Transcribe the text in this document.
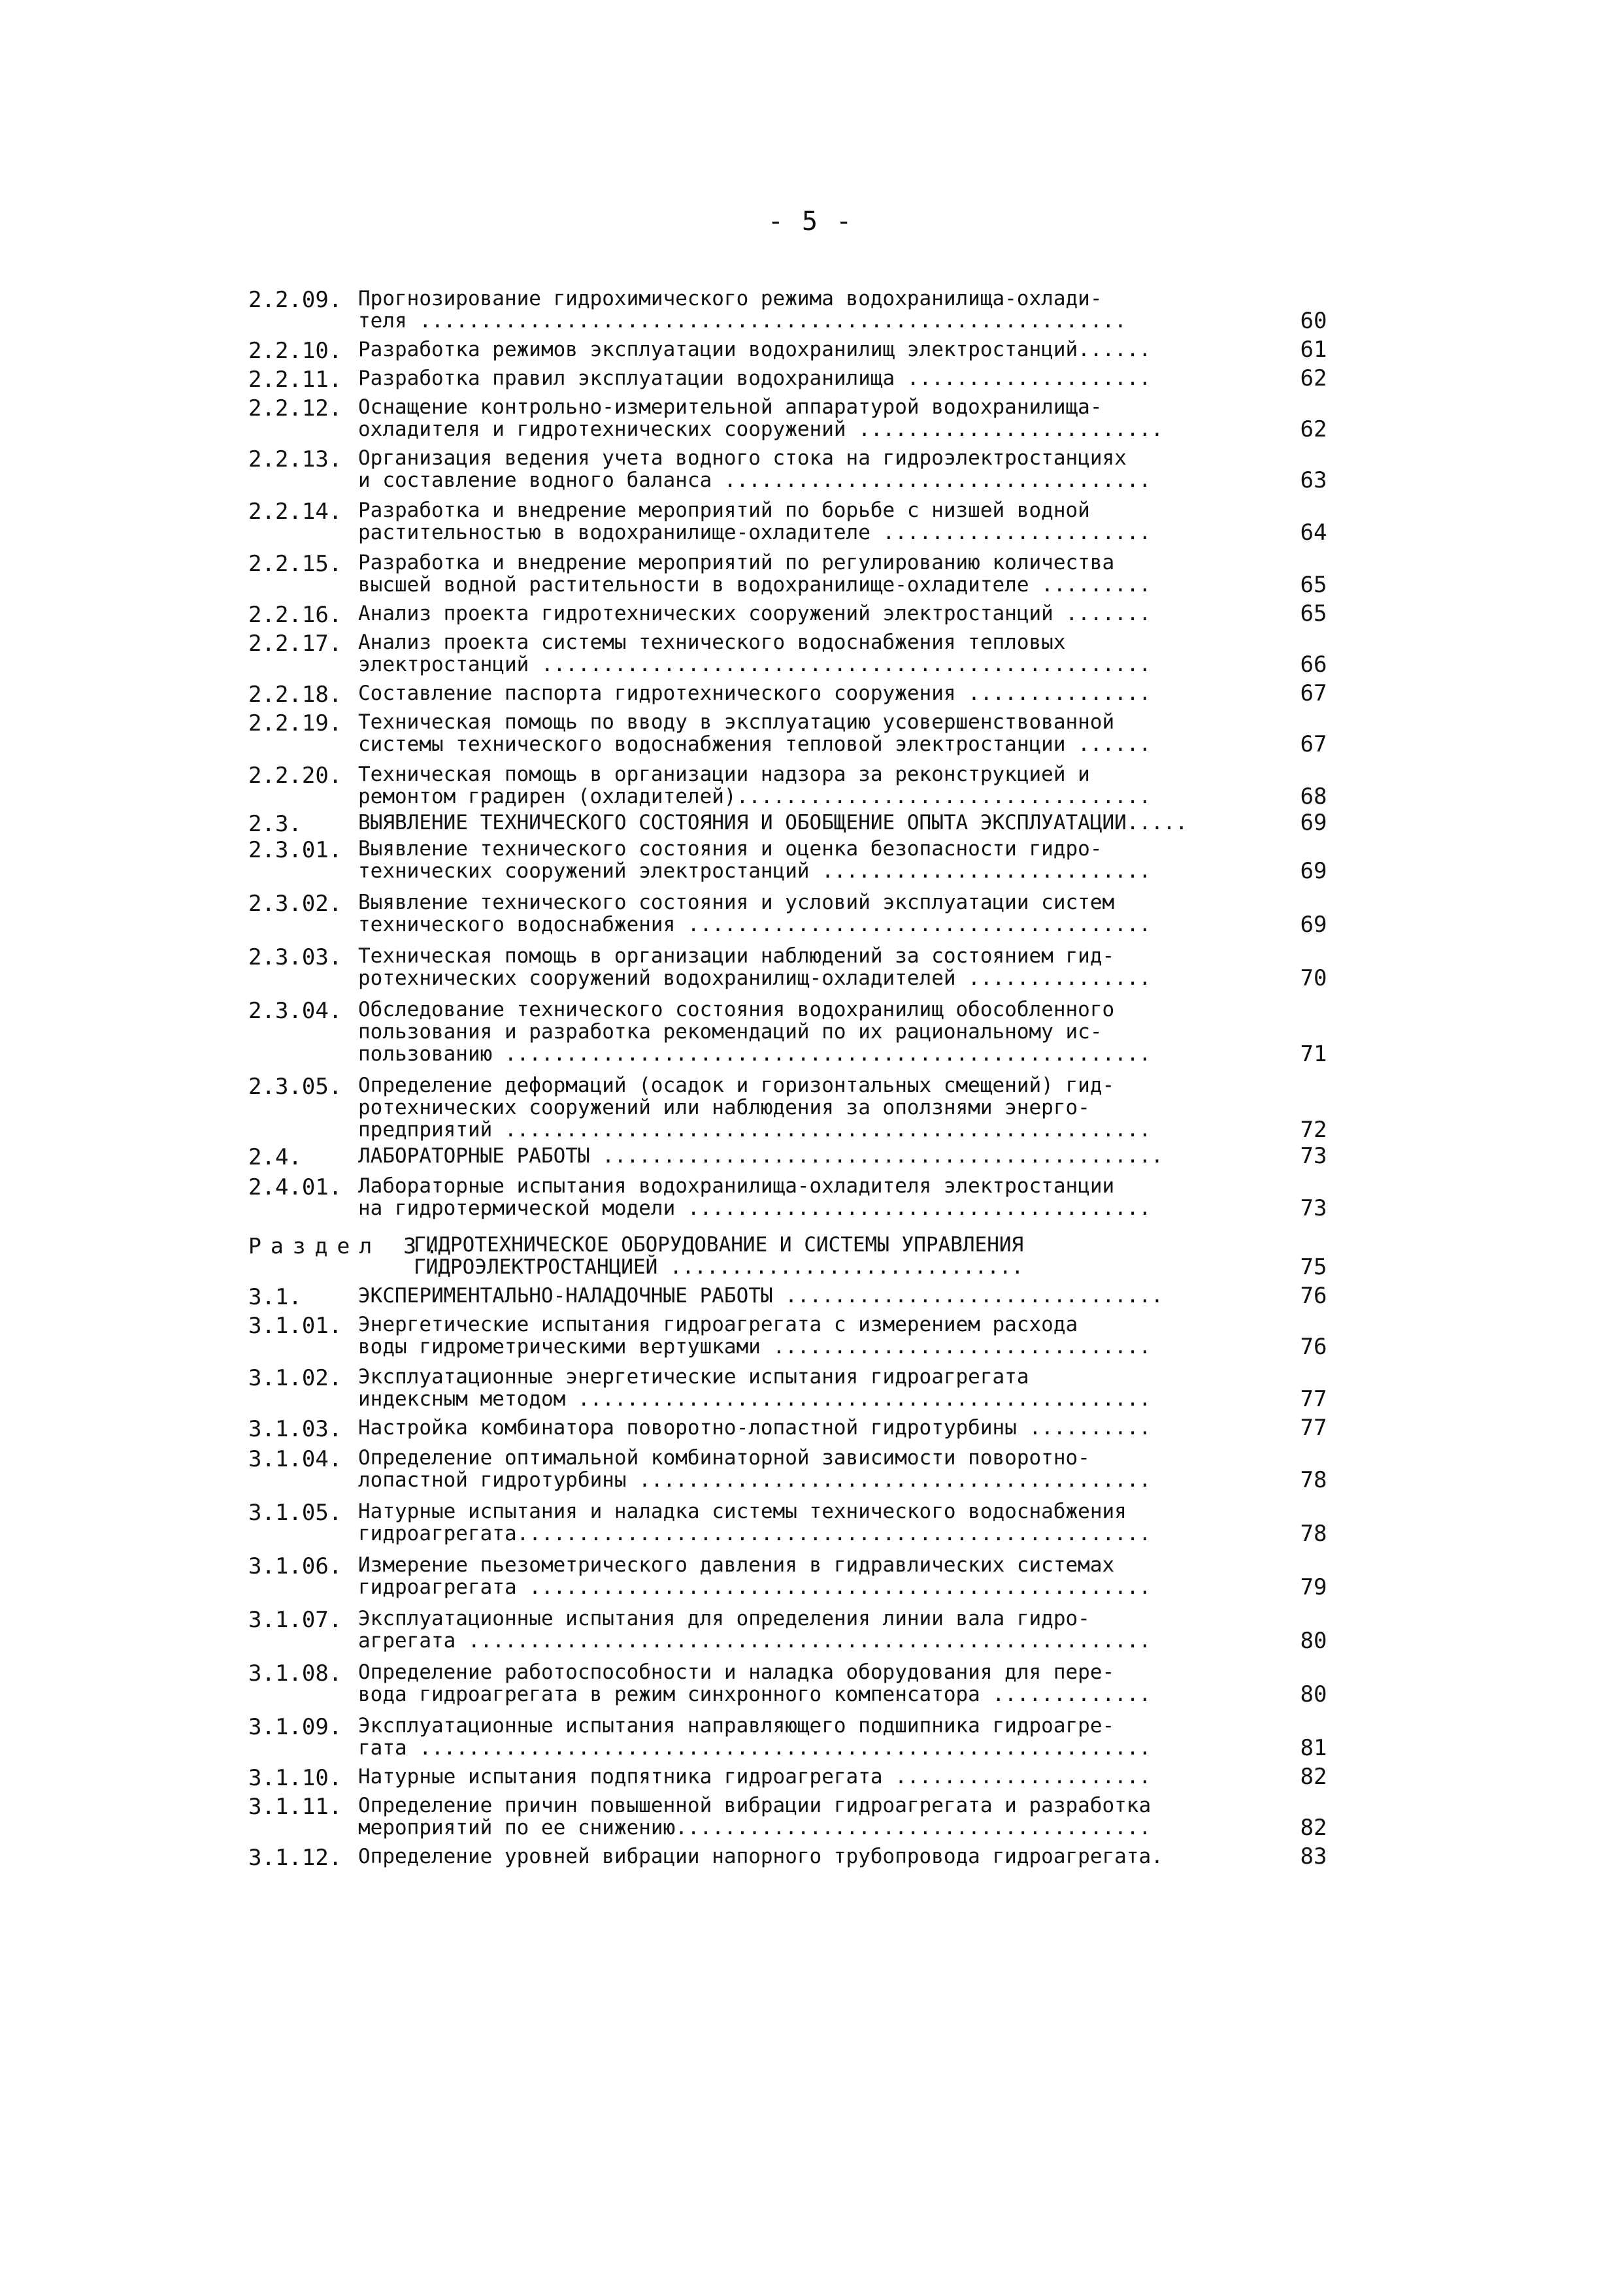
- 5 -
2.2.09. Прогнозирование гидрохимического режима водохранилища-охлади-
теля ..........................................................	60
2.2.10. Разработка режимов эксплуатации водохранилищ электростанций......	61
2.2.11. Разработка правил эксплуатации водохранилища ....................	62
2.2.12. Оснащение контрольно-измерительной аппаратурой водохранилища-
охладителя и гидротехнических сооружений .........................	62
2.2.13. Организация ведения учета водного стока на гидроэлектростанциях
и составление водного баланса ...................................	63
2.2.14. Разработка и внедрение мероприятий по борьбе с низшей водной
растительностью в водохранилище-охладителе ......................	64
2.2.15. Разработка и внедрение мероприятий по регулированию количества
высшей водной растительности в водохранилище-охладителе .........	65
2.2.16. Анализ проекта гидротехнических сооружений электростанций .......	65
2.2.17. Анализ проекта системы технического водоснабжения тепловых
электростанций ..................................................	66
2.2.18. Составление паспорта гидротехнического сооружения ...............	67
2.2.19. Техническая помощь по вводу в эксплуатацию усовершенствованной
системы технического водоснабжения тепловой электростанции ......	67
2.2.20. Техническая помощь в организации надзора за реконструкцией и
ремонтом градирен (охладителей)..................................	68
2.3.	ВЫЯВЛЕНИЕ ТЕХНИЧЕСКОГО СОСТОЯНИЯ И ОБОБЩЕНИЕ ОПЫТА ЭКСПЛУАТАЦИИ.....	69
2.3.01. Выявление технического состояния и оценка безопасности гидро-
технических сооружений электростанций ...........................	69
2.3.02. Выявление технического состояния и условий эксплуатации систем
технического водоснабжения ......................................	69
2.3.03. Техническая помощь в организации наблюдений за состоянием гид-
ротехнических сооружений водохранилищ-охладителей ...............	70
2.3.04. Обследование технического состояния водохранилищ обособленного
пользования и разработка рекомендаций по их рациональному ис-
пользованию .....................................................	71
2.3.05. Определение деформаций (осадок и горизонтальных смещений) гид-
ротехнических сооружений или наблюдения за оползнями энерго-
предприятий .....................................................	72
2.4.	ЛАБОРАТОРНЫЕ РАБОТЫ ..............................................	73
2.4.01. Лабораторные испытания водохранилища-охладителя электростанции
на гидротермической модели ......................................	73
Раздел 3.
ГИДРОТЕХНИЧЕСКОЕ ОБОРУДОВАНИЕ И СИСТЕМЫ УПРАВЛЕНИЯ
ГИДРОЭЛЕКТРОСТАНЦИЕЙ .............................	75
3.1.	ЭКСПЕРИМЕНТАЛЬНО-НАЛАДОЧНЫЕ РАБОТЫ ...............................	76
3.1.01. Энергетические испытания гидроагрегата с измерением расхода
воды гидрометрическими вертушками ...............................	76
3.1.02. Эксплуатационные энергетические испытания гидроагрегата
индексным методом ...............................................	77
3.1.03. Настройка комбинатора поворотно-лопастной гидротурбины ..........	77
3.1.04. Определение оптимальной комбинаторной зависимости поворотно-
лопастной гидротурбины ..........................................	78
3.1.05. Натурные испытания и наладка системы технического водоснабжения
гидроагрегата....................................................	78
3.1.06. Измерение пьезометрического давления в гидравлических системах
гидроагрегата ...................................................	79
3.1.07. Эксплуатационные испытания для определения линии вала гидро-
агрегата ........................................................	80
3.1.08. Определение работоспособности и наладка оборудования для пере-
вода гидроагрегата в режим синхронного компенсатора .............	80
3.1.09. Эксплуатационные испытания направляющего подшипника гидроагре-
гата ............................................................	81
3.1.10. Натурные испытания подпятника гидроагрегата .....................	82
3.1.11. Определение причин повышенной вибрации гидроагрегата и разработка
мероприятий по ее снижению.......................................	82
3.1.12. Определение уровней вибрации напорного трубопровода гидроагрегата.	83
